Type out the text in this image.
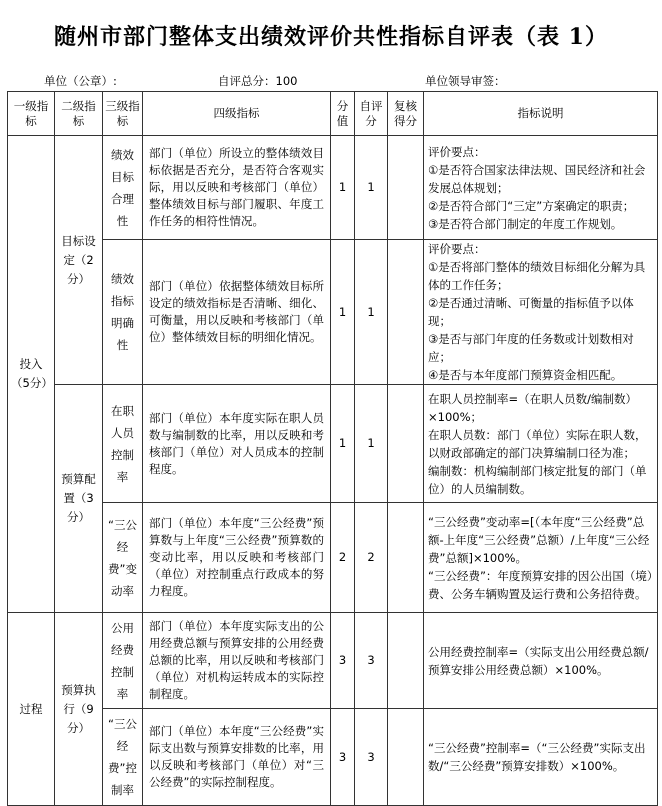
随州市部门整体支出绩效评价共性指标自评表（表 1）
单位（公章）:	自评总分：100	单位领导审签：
一级指标	二级指标	三级指标	四级指标	分值	自评分	复核得分	指标说明
投入（5分）	目标设定（2分）	绩效目标合理性	部门（单位）所设立的整体绩效目标依据是否充分，是否符合客观实际，用以反映和考核部门（单位）整体绩效目标与部门履职、年度工作任务的相符性情况。	1	1		评价要点：
①是否符合国家法律法规、国民经济和社会发展总体规划；
②是否符合部门“三定”方案确定的职责；
③是否符合部门制定的年度工作规划。

		绩效指标明确性	部门（单位）依据整体绩效目标所设定的绩效指标是否清晰、细化、可衡量，用以反映和考核部门（单位）整体绩效目标的明细化情况。	1	1		评价要点：
①是否将部门整体的绩效目标细化分解为具体的工作任务；
②是否通过清晰、可衡量的指标值予以体现；
③是否与部门年度的任务数或计划数相对应；
④是否与本年度部门预算资金相匹配。

	预算配置（3分）	在职人员控制率	部门（单位）本年度实际在职人员数与编制数的比率，用以反映和考核部门（单位）对人员成本的控制程度。	1	1		在职人员控制率=（在职人员数/编制数）×100%；
在职人员数：部门（单位）实际在职人数，以财政部确定的部门决算编制口径为准；
编制数：机构编制部门核定批复的部门（单位）的人员编制数。

		“三公经费”变动率	部门（单位）本年度“三公经费”预算数与上年度“三公经费”预算数的变动比率，用以反映和考核部门（单位）对控制重点行政成本的努力程度。	2	2		“三公经费”变动率=[（本年度“三公经费”总额-上年度“三公经费”总额）/上年度“三公经费”总额]×100%。
“三公经费”：年度预算安排的因公出国（境）费、公务车辆购置及运行费和公务招待费。

过程	预算执行（9分）	公用经费控制率	部门（单位）本年度实际支出的公用经费总额与预算安排的公用经费总额的比率，用以反映和考核部门（单位）对机构运转成本的实际控制程度。	3	3		公用经费控制率=（实际支出公用经费总额/预算安排公用经费总额）×100%。

		“三公经费”控制率	部门（单位）本年度“三公经费”实际支出数与预算安排数的比率，用以反映和考核部门（单位）对“三公经费”的实际控制程度。	3	3		“三公经费”控制率=（“三公经费”实际支出数/“三公经费”预算安排数）×100%。
